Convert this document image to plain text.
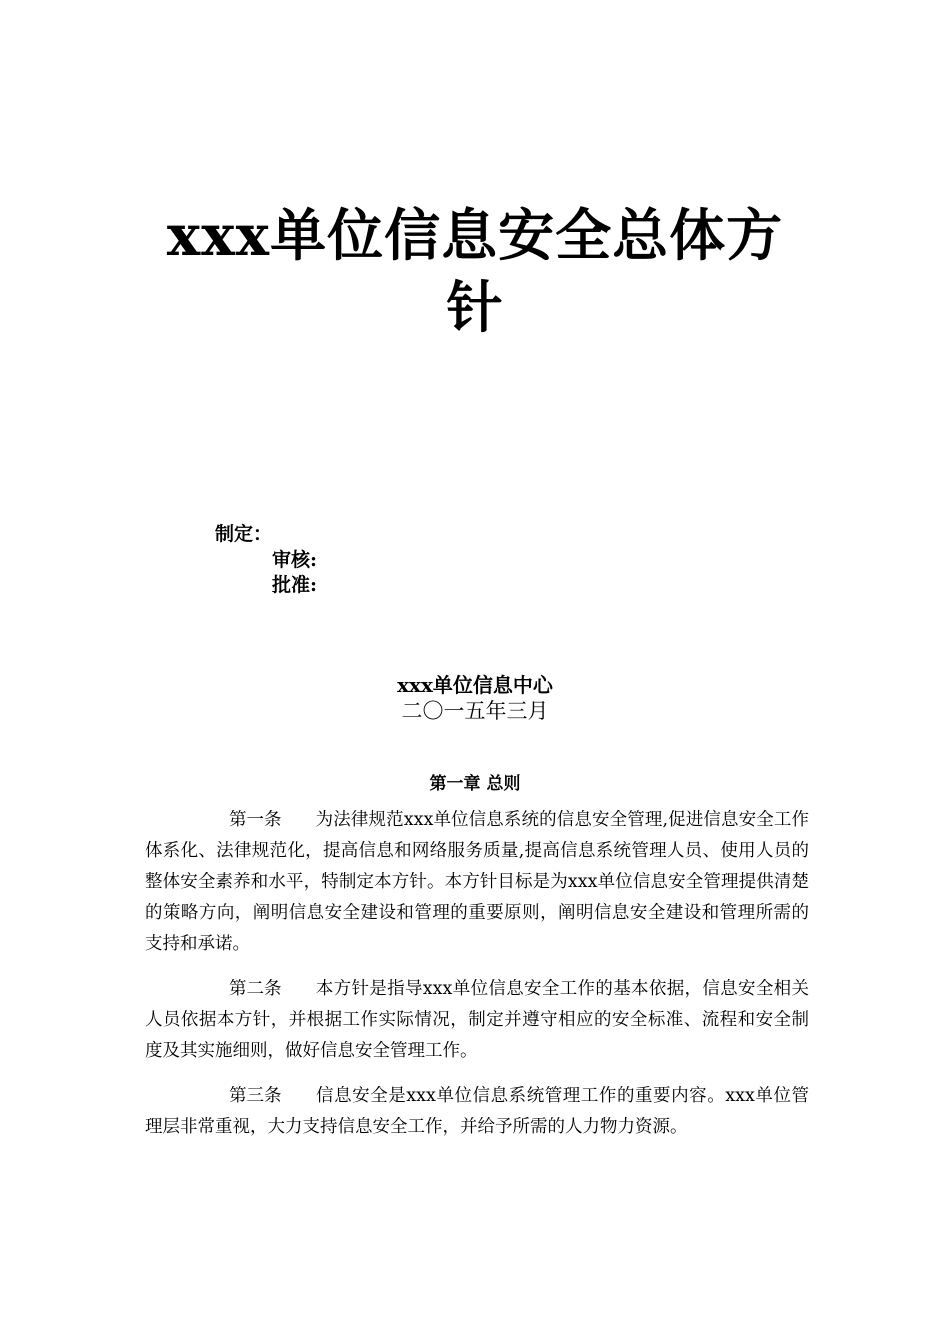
xxx单位信息安全总体方
针
制定：
审核:
批准:
xxx单位信息中心
二〇一五年三月
第一章 总则

第一条 为法律规范xxx单位信息系统的信息安全管理,促进信息安全工作体系化、法律规范化，提高信息和网络服务质量,提高信息系统管理人员、使用人员的整体安全素养和水平，特制定本方针。本方针目标是为xxx单位信息安全管理提供清楚的策略方向，阐明信息安全建设和管理的重要原则，阐明信息安全建设和管理所需的支持和承诺。

第二条 本方针是指导xxx单位信息安全工作的基本依据，信息安全相关人员依据本方针，并根据工作实际情况，制定并遵守相应的安全标准、流程和安全制度及其实施细则，做好信息安全管理工作。

第三条 信息安全是xxx单位信息系统管理工作的重要内容。xxx单位管理层非常重视，大力支持信息安全工作，并给予所需的人力物力资源。
